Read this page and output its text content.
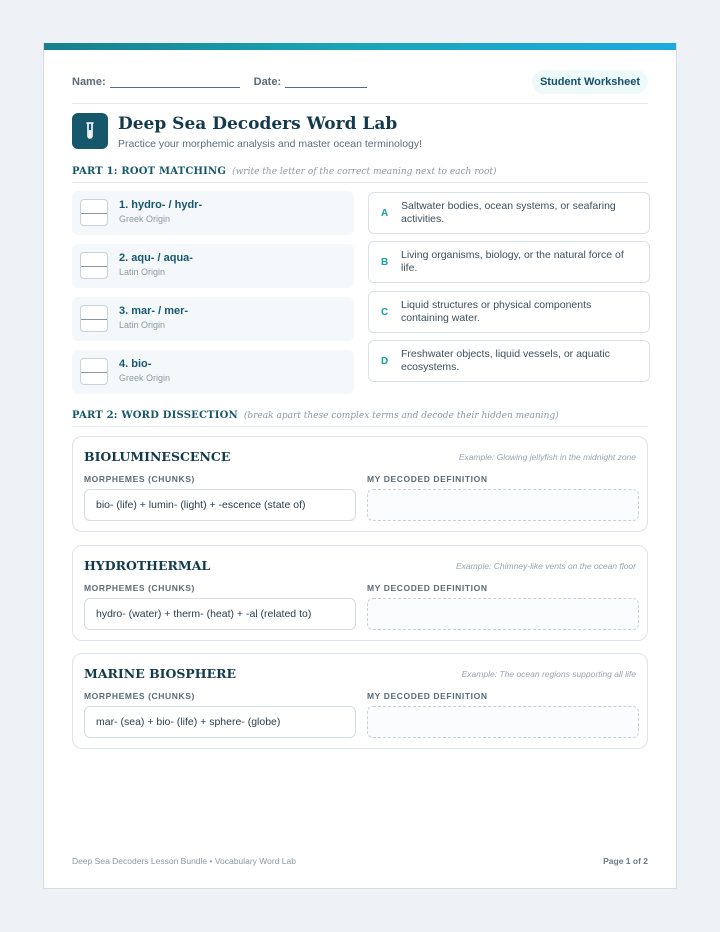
Name:	Date:	Student Worksheet
Deep Sea Decoders Word Lab
Practice your morphemic analysis and master ocean terminology!
PART 1: ROOT MATCHING (write the letter of the correct meaning next to each root)
1. hydro- / hydr-
Greek Origin
2. aqu- / aqua-
Latin Origin
3. mar- / mer-
Latin Origin
4. bio-
Greek Origin
A
Saltwater bodies, ocean systems, or seafaring activities.
B
Living organisms, biology, or the natural force of life.
C
Liquid structures or physical components containing water.
D
Freshwater objects, liquid vessels, or aquatic ecosystems.
PART 2: WORD DISSECTION (break apart these complex terms and decode their hidden meaning)
BIOLUMINESCENCE	Example: Glowing jellyfish in the midnight zone
MORPHEMES (CHUNKS)	MY DECODED DEFINITION
bio- (life) + lumin- (light) + -escence (state of)
HYDROTHERMAL	Example: Chimney-like vents on the ocean floor
MORPHEMES (CHUNKS)	MY DECODED DEFINITION
hydro- (water) + therm- (heat) + -al (related to)
MARINE BIOSPHERE	Example: The ocean regions supporting all life
MORPHEMES (CHUNKS)	MY DECODED DEFINITION
mar- (sea) + bio- (life) + sphere- (globe)
Deep Sea Decoders Lesson Bundle • Vocabulary Word Lab	Page 1 of 2
